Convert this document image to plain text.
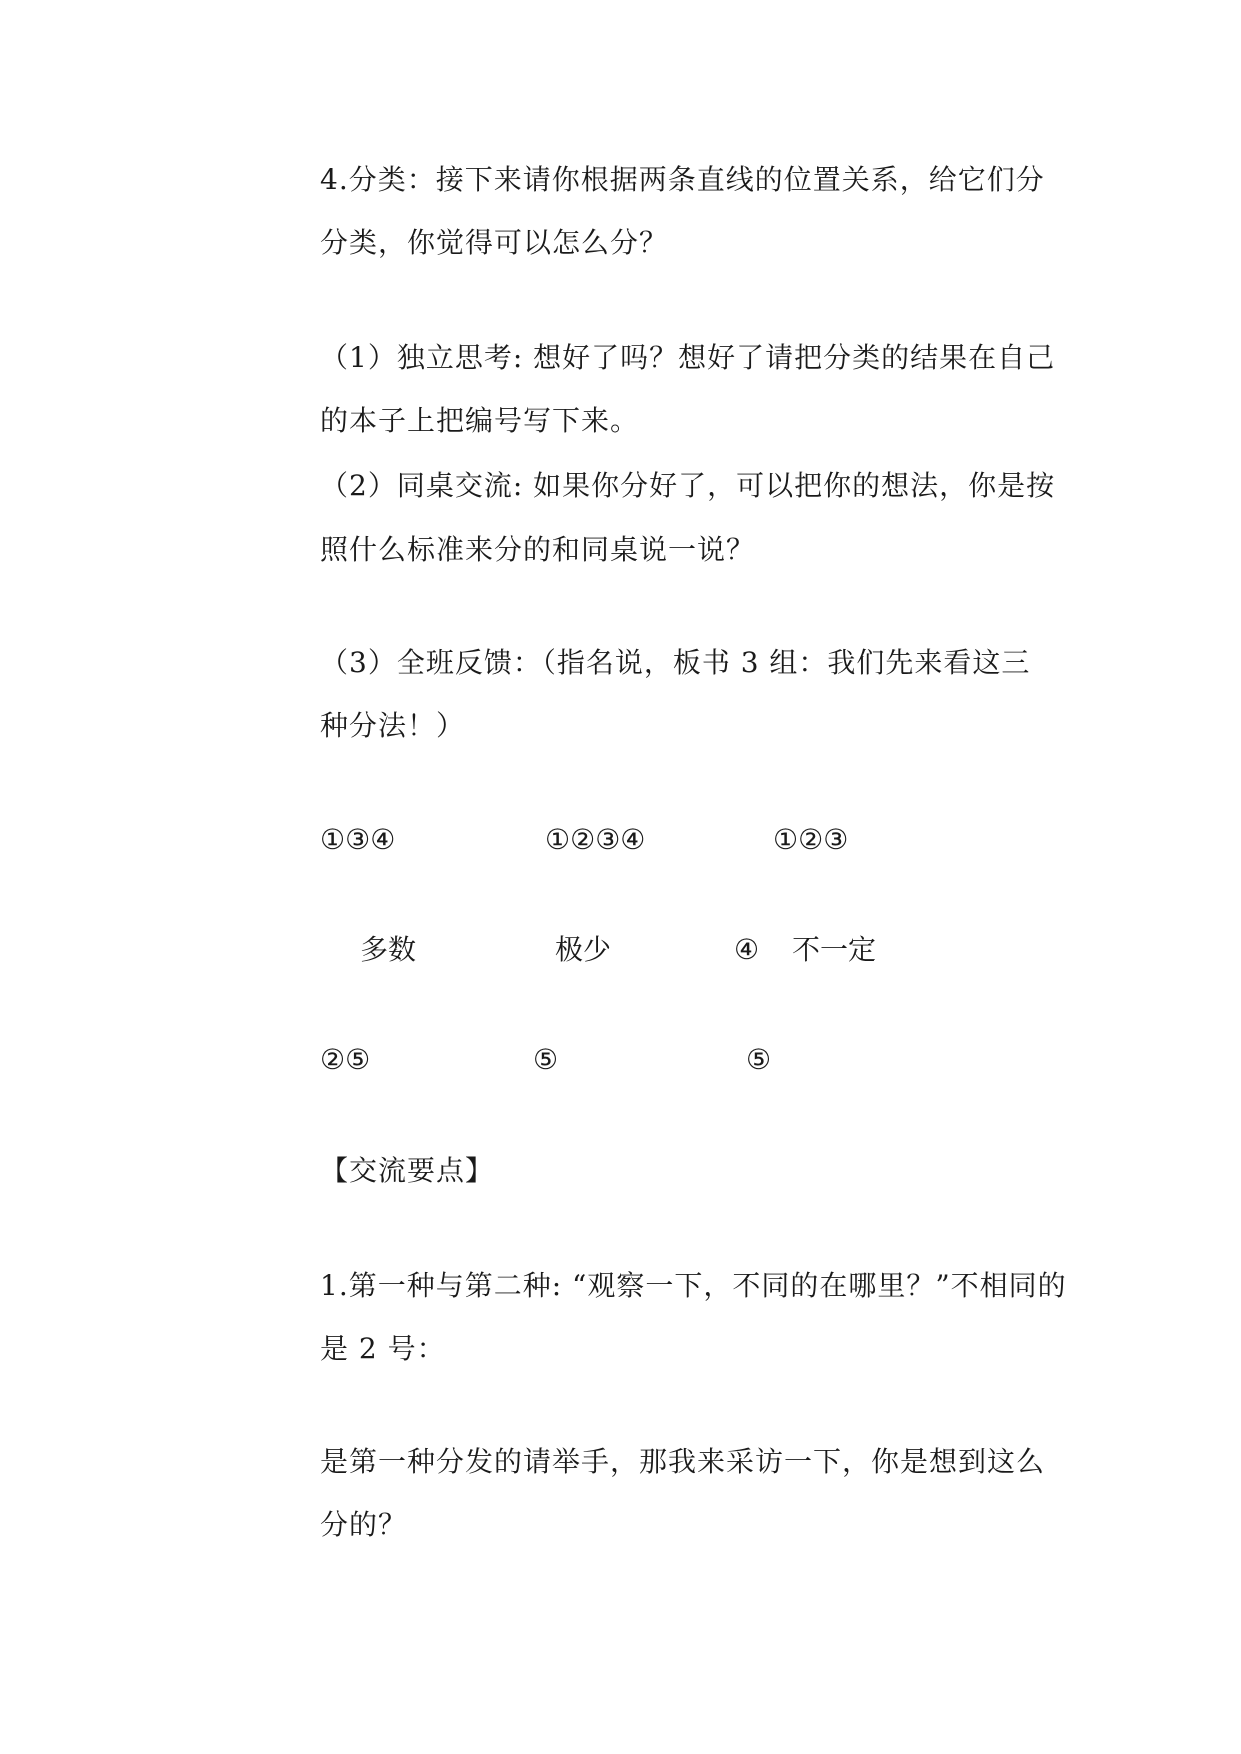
4.分类：接下来请你根据两条直线的位置关系，给它们分
分类，你觉得可以怎么分？
（1）独立思考: 想好了吗？想好了请把分类的结果在自己
的本子上把编号写下来。
（2）同桌交流: 如果你分好了，可以把你的想法，你是按
照什么标准来分的和同桌说一说？
（3）全班反馈：（指名说，板书 3 组：我们先来看这三
种分法！）
①③④	①②③④	①②③
多数	极少	④ 不一定
②⑤	⑤	⑤
【交流要点】
1.第一种与第二种: “观察一下，不同的在哪里？”不相同的
是 2 号：
是第一种分发的请举手，那我来采访一下，你是想到这么
分的？
